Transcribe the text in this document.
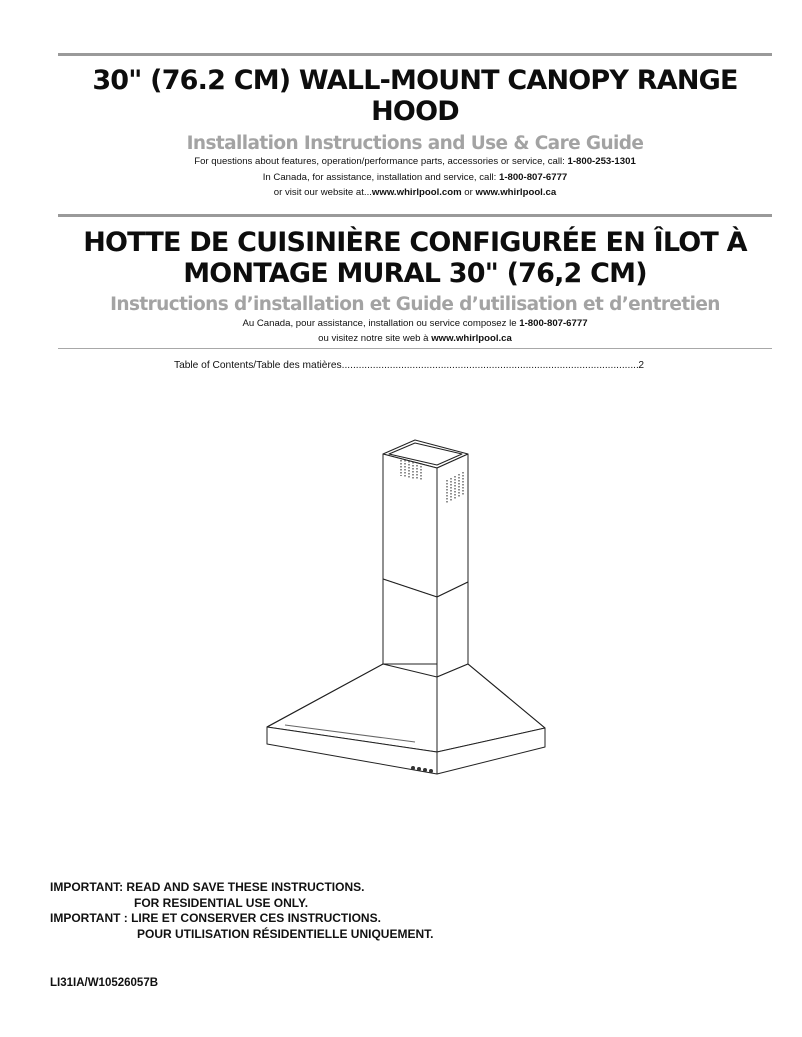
30" (76.2 CM) WALL-MOUNT CANOPY RANGE
HOOD
Installation Instructions and Use & Care Guide
For questions about features, operation/performance parts, accessories or service, call: 1-800-253-1301
In Canada, for assistance, installation and service, call: 1-800-807-6777
or visit our website at...www.whirlpool.com or www.whirlpool.ca
HOTTE DE CUISINIÈRE CONFIGURÉE EN ÎLOT À
MONTAGE MURAL 30" (76,2 CM)
Instructions d’installation et Guide d’utilisation et d’entretien
Au Canada, pour assistance, installation ou service composez le 1-800-807-6777
ou visitez notre site web à www.whirlpool.ca
Table of Contents/Table des matières
.....	2
IMPORTANT: READ AND SAVE THESE INSTRUCTIONS.
FOR RESIDENTIAL USE ONLY.
IMPORTANT : LIRE ET CONSERVER CES INSTRUCTIONS.
POUR UTILISATION RÉSIDENTIELLE UNIQUEMENT.
LI31IA/W10526057B
